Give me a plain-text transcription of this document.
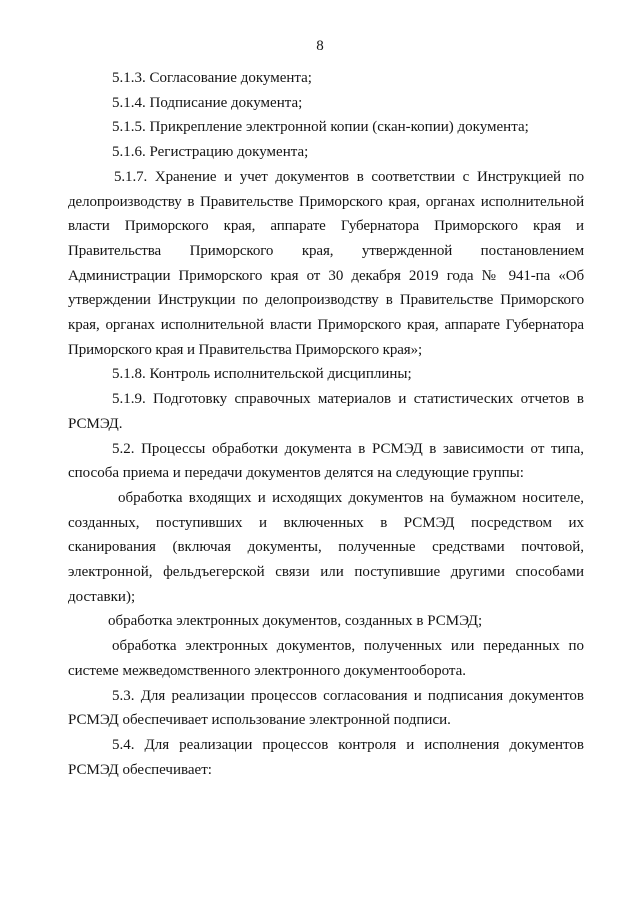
8

5.1.3. Согласование документа;

5.1.4. Подписание документа;

5.1.5. Прикрепление электронной копии (скан-копии) документа;

5.1.6. Регистрацию документа;

5.1.7. Хранение и учет документов в соответствии с Инструкцией по делопроизводству в Правительстве Приморского края, органах исполнительной власти Приморского края, аппарате Губернатора Приморского края и Правительства Приморского края, утвержденной постановлением Администрации Приморского края от 30 декабря 2019 года № 941-па «Об утверждении Инструкции по делопроизводству в Правительстве Приморского края, органах исполнительной власти Приморского края, аппарате Губернатора Приморского края и Правительства Приморского края»;

5.1.8. Контроль исполнительской дисциплины;

5.1.9. Подготовку справочных материалов и статистических отчетов в РСМЭД.

5.2. Процессы обработки документа в РСМЭД в зависимости от типа, способа приема и передачи документов делятся на следующие группы:

обработка входящих и исходящих документов на бумажном носителе, созданных, поступивших и включенных в РСМЭД посредством их сканирования (включая документы, полученные средствами почтовой, электронной, фельдъегерской связи или поступившие другими способами доставки);

обработка электронных документов, созданных в РСМЭД;

обработка электронных документов, полученных или переданных по системе межведомственного электронного документооборота.

5.3. Для реализации процессов согласования и подписания документов РСМЭД обеспечивает использование электронной подписи.

5.4. Для реализации процессов контроля и исполнения документов РСМЭД обеспечивает:
